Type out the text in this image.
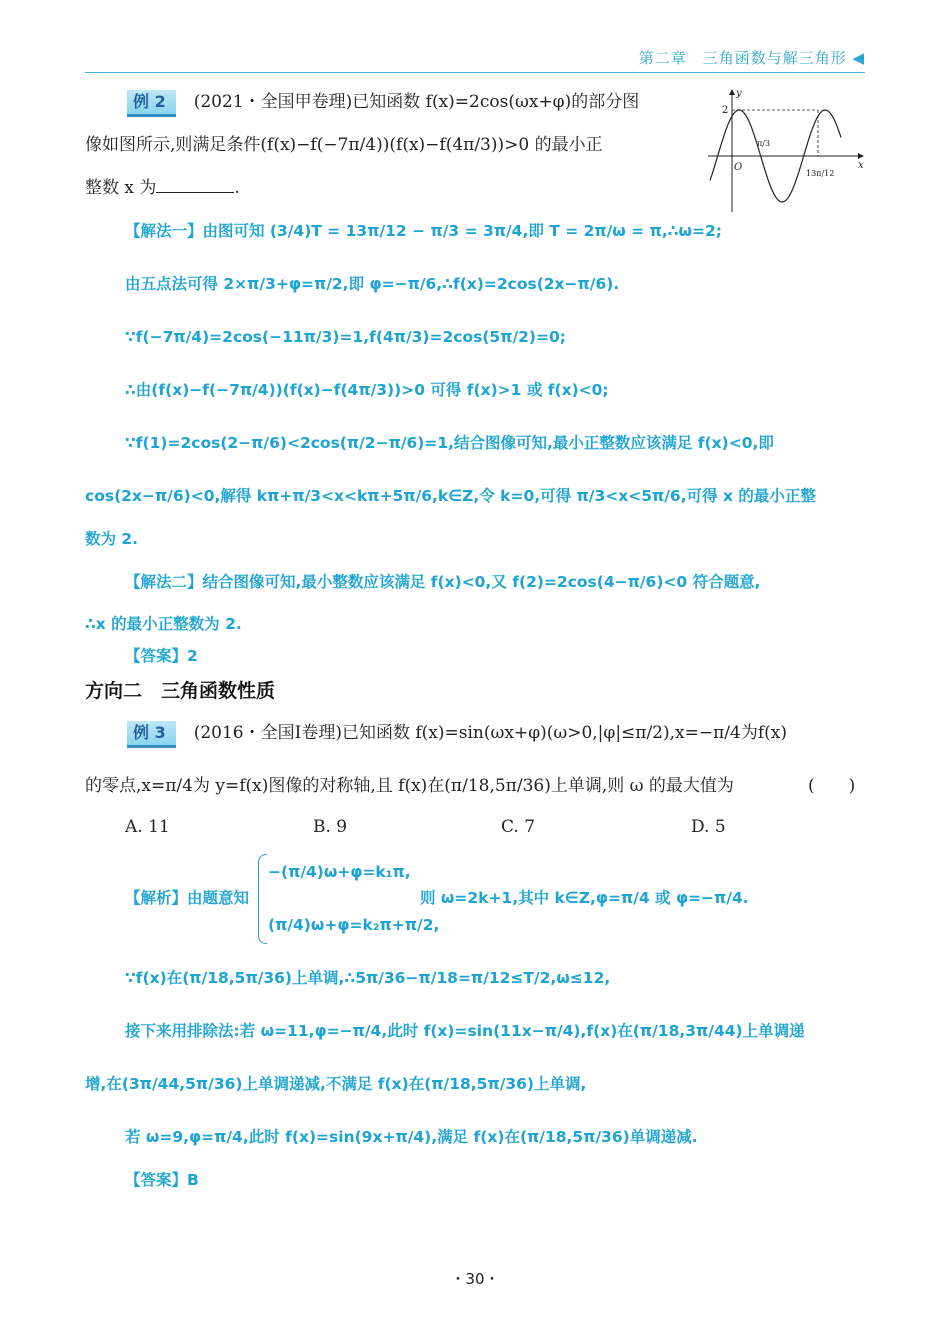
第二章　三角函数与解三角形 ◀
例 2 (2021・全国甲卷理)已知函数 f(x)=2cos(ωx+φ)的部分图
像如图所示,则满足条件(f(x)−f(−7π/4))(f(x)−f(4π/3))>0 的最小正
整数 x 为	.
y
x
O
2
π/3
13π/12
【解法一】由图可知 (3/4)T = 13π/12 − π/3 = 3π/4,即 T = 2π/ω = π,∴ω=2;
由五点法可得 2×π/3+φ=π/2,即 φ=−π/6,∴f(x)=2cos(2x−π/6).
∵f(−7π/4)=2cos(−11π/3)=1,f(4π/3)=2cos(5π/2)=0;
∴由(f(x)−f(−7π/4))(f(x)−f(4π/3))>0 可得 f(x)>1 或 f(x)<0;
∵f(1)=2cos(2−π/6)<2cos(π/2−π/6)=1,结合图像可知,最小正整数应该满足 f(x)<0,即
cos(2x−π/6)<0,解得 kπ+π/3<x<kπ+5π/6,k∈Z,令 k=0,可得 π/3<x<5π/6,可得 x 的最小正整
数为 2.
【解法二】结合图像可知,最小整数应该满足 f(x)<0,又 f(2)=2cos(4−π/6)<0 符合题意,
∴x 的最小正整数为 2.
【答案】2
方向二　三角函数性质
例 3 (2016・全国Ⅰ卷理)已知函数 f(x)=sin(ωx+φ)(ω>0,|φ|≤π/2),x=−π/4为f(x)
的零点,x=π/4为 y=f(x)图像的对称轴,且 f(x)在(π/18,5π/36)上单调,则 ω 的最大值为	(　　)
A. 11	B. 9	C. 7	D. 5
【解析】由题意知
−(π/4)ω+φ=k₁π,
(π/4)ω+φ=k₂π+π/2,
则 ω=2k+1,其中 k∈Z,φ=π/4 或 φ=−π/4.
∵f(x)在(π/18,5π/36)上单调,∴5π/36−π/18=π/12≤T/2,ω≤12,
接下来用排除法:若 ω=11,φ=−π/4,此时 f(x)=sin(11x−π/4),f(x)在(π/18,3π/44)上单调递
增,在(3π/44,5π/36)上单调递减,不满足 f(x)在(π/18,5π/36)上单调,
若 ω=9,φ=π/4,此时 f(x)=sin(9x+π/4),满足 f(x)在(π/18,5π/36)单调递减.
【答案】B
・30・
